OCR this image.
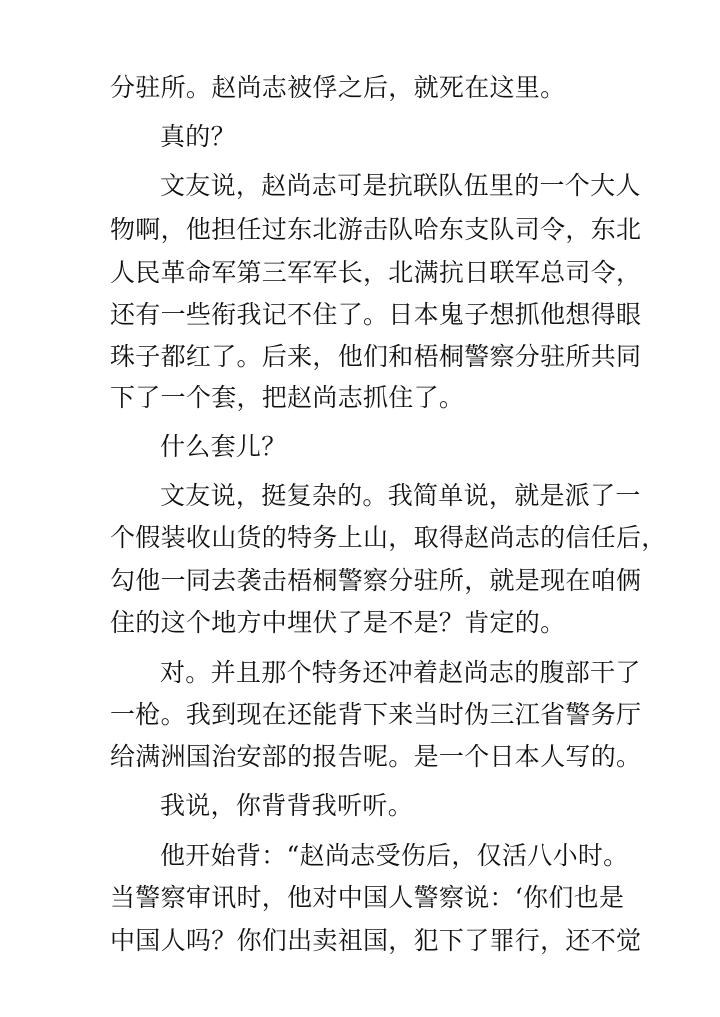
分驻所。赵尚志被俘之后，就死在这里。
真的？
文友说，赵尚志可是抗联队伍里的一个大人
物啊，他担任过东北游击队哈东支队司令，东北
人民革命军第三军军长，北满抗日联军总司令，
还有一些衔我记不住了。日本鬼子想抓他想得眼
珠子都红了。后来，他们和梧桐警察分驻所共同
下了一个套，把赵尚志抓住了。
什么套儿？
文友说，挺复杂的。我简单说，就是派了一
个假装收山货的特务上山，取得赵尚志的信任后，
勾他一同去袭击梧桐警察分驻所，就是现在咱俩
住的这个地方中埋伏了是不是？肯定的。
对。并且那个特务还冲着赵尚志的腹部干了
一枪。我到现在还能背下来当时伪三江省警务厅
给满洲国治安部的报告呢。是一个日本人写的。
我说，你背背我听听。
他开始背：“赵尚志受伤后，仅活八小时。
当警察审讯时，他对中国人警察说：‘你们也是
中国人吗？你们出卖祖国，犯下了罪行，还不觉
